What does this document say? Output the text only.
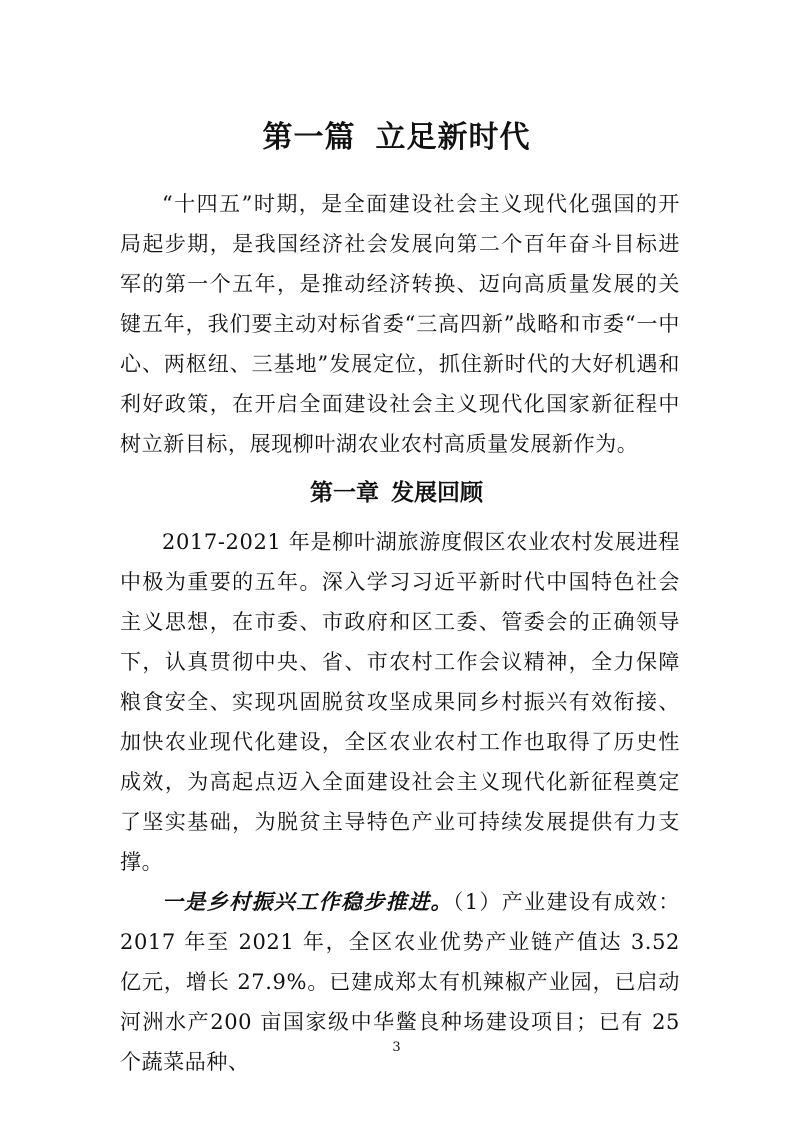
第一篇 立足新时代

“十四五”时期，是全面建设社会主义现代化强国的开局起步期，是我国经济社会发展向第二个百年奋斗目标进军的第一个五年，是推动经济转换、迈向高质量发展的关键五年，我们要主动对标省委“三高四新”战略和市委“一中心、两枢纽、三基地”发展定位，抓住新时代的大好机遇和利好政策，在开启全面建设社会主义现代化国家新征程中树立新目标，展现柳叶湖农业农村高质量发展新作为。

第一章 发展回顾

2017-2021 年是柳叶湖旅游度假区农业农村发展进程中极为重要的五年。深入学习习近平新时代中国特色社会主义思想，在市委、市政府和区工委、管委会的正确领导下，认真贯彻中央、省、市农村工作会议精神，全力保障粮食安全、实现巩固脱贫攻坚成果同乡村振兴有效衔接、加快农业现代化建设，全区农业农村工作也取得了历史性成效，为高起点迈入全面建设社会主义现代化新征程奠定了坚实基础，为脱贫主导特色产业可持续发展提供有力支撑。

一是乡村振兴工作稳步推进。（1）产业建设有成效：2017 年至 2021 年，全区农业优势产业链产值达 3.52 亿元，增长 27.9%。已建成郑太有机辣椒产业园，已启动河洲水产200 亩国家级中华鳖良种场建设项目；已有 25 个蔬菜品种、

3
